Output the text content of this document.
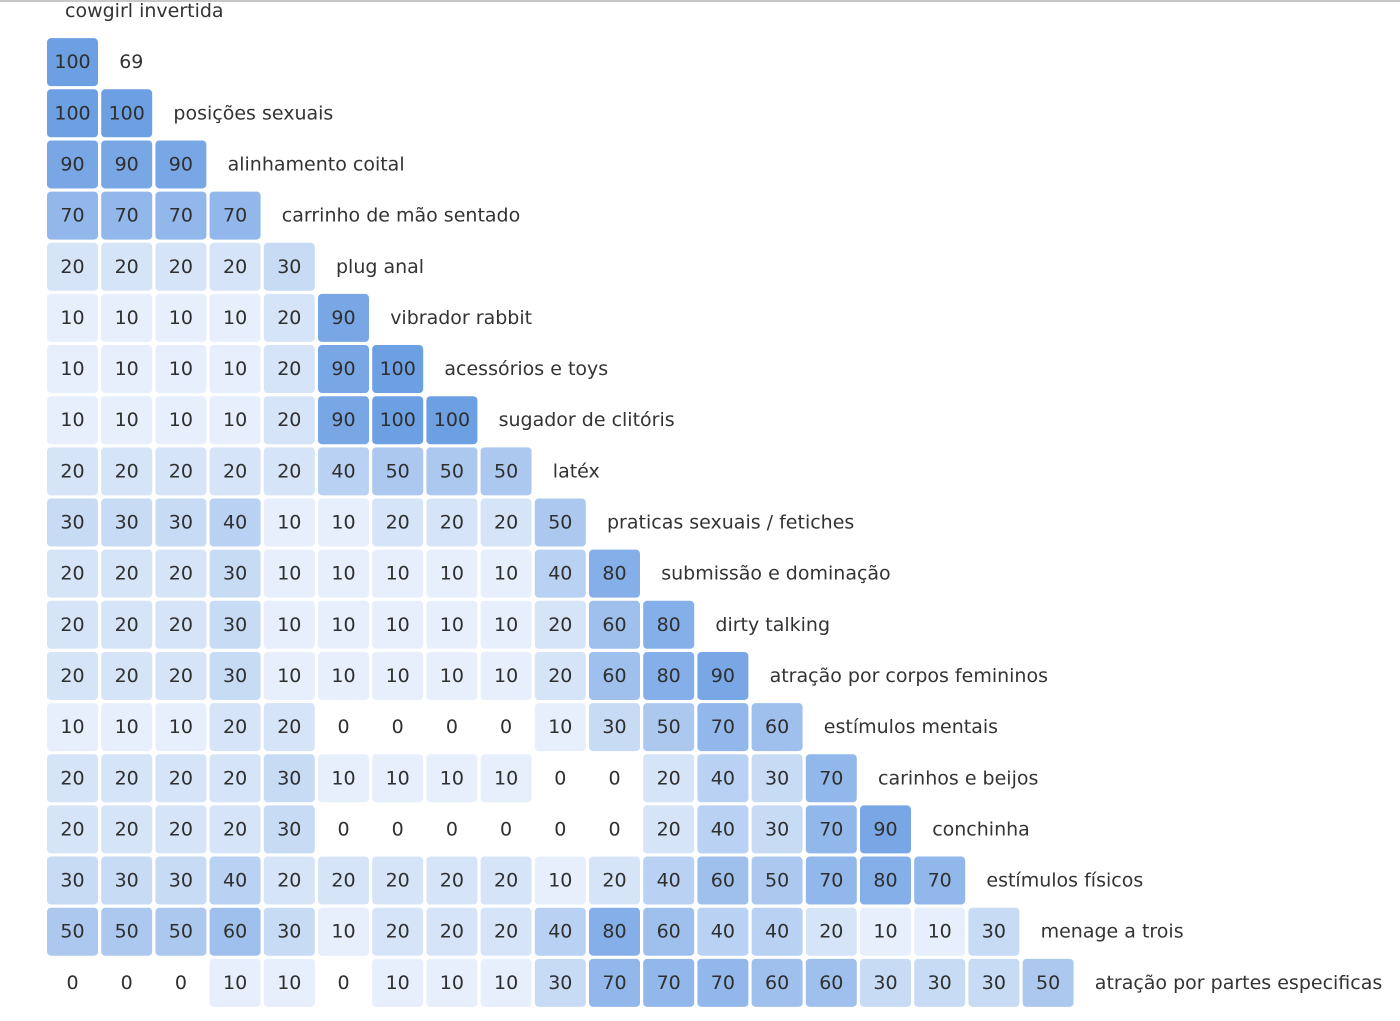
100
100 100
90 90 90
70 70 70 70
20 20 20 20 30
10 10 10 10 20 90
10 10 10 10 20 90 100
10 10 10 10 20 90 100 100
20 20 20 20 20 40 50 50 50
30 30 30 40 10 10 20 20 20 50
20 20 20 30 10 10 10 10 10 40 80
20 20 20 30 10 10 10 10 10 20 60 80
20 20 20 30 10 10 10 10 10 20 60 80 90
10 10 10 20 20 0 0 0 0 10 30 50 70 60
20 20 20 20 30 10 10 10 10 0 0 20 40 30 70
20 20 20 20 30 0 0 0 0 0 0 20 40 30 70 90
30 30 30 40 20 20 20 20 20 10 20 40 60 50 70 80 70
50 50 50 60 30 10 20 20 20 40 80 60 40 40 20 10 10 30
0 0 0 10 10 0 10 10 10 30 70 70 70 60 60 30 30 30 50
cowgirl invertida
69
posições sexuais
alinhamento coital
carrinho de mão sentado
plug anal
vibrador rabbit
acessórios e toys
sugador de clitóris
latéx
praticas sexuais / fetiches
submissão e dominação
dirty talking
atração por corpos femininos
estímulos mentais
carinhos e beijos
conchinha
estímulos físicos
menage a trois
atração por partes especificas
